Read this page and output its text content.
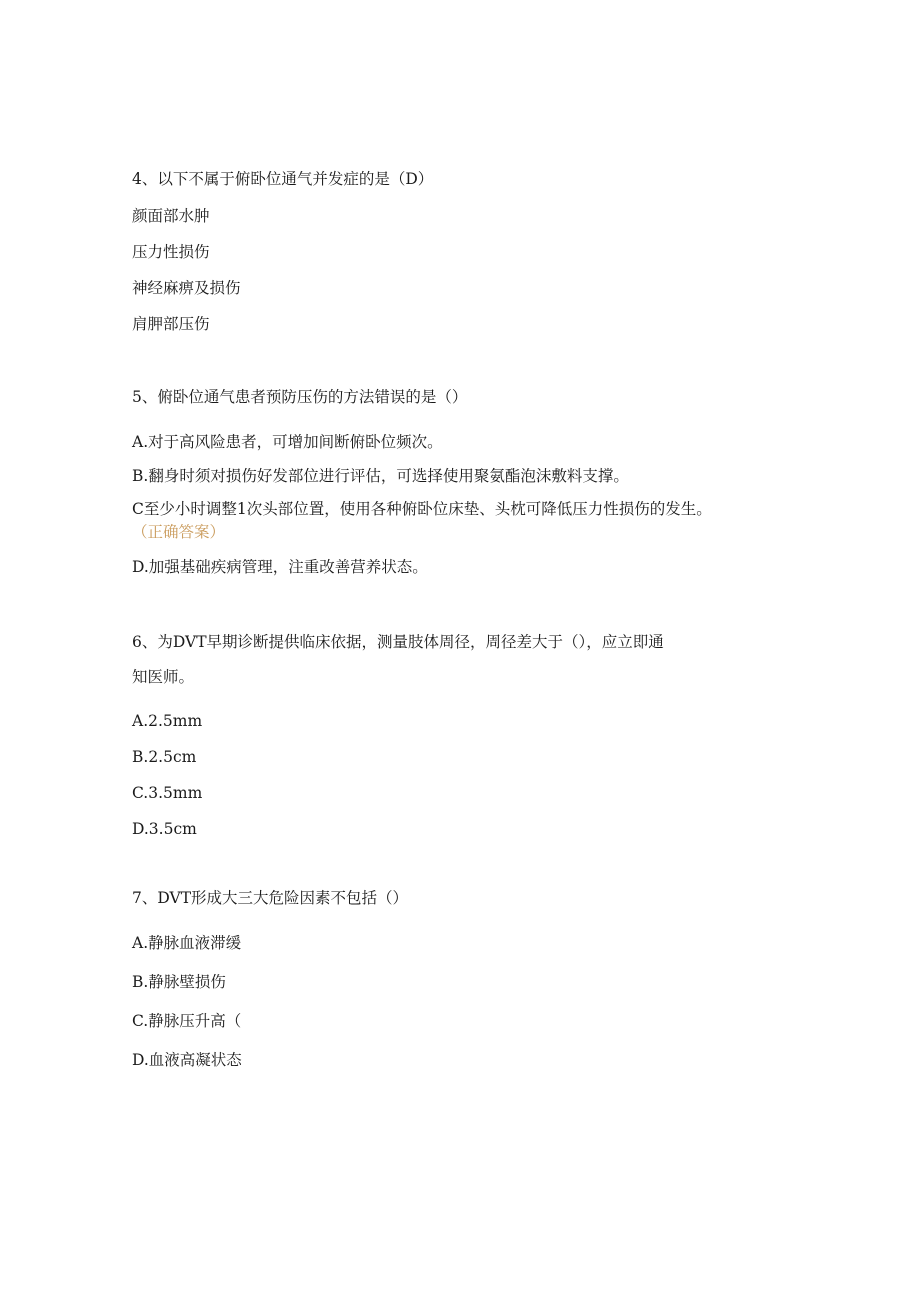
4、以下不属于俯卧位通气并发症的是（D）
颜面部水肿
压力性损伤
神经麻痹及损伤
肩胛部压伤
5、俯卧位通气患者预防压伤的方法错误的是（）
A.对于高风险患者，可增加间断俯卧位频次。
B.翻身时须对损伤好发部位进行评估，可选择使用聚氨酯泡沫敷料支撑。
C至少小时调整1次头部位置，使用各种俯卧位床垫、头枕可降低压力性损伤的发生。
（正确答案）
D.加强基础疾病管理，注重改善营养状态。
6、为DVT早期诊断提供临床依据，测量肢体周径，周径差大于（），应立即通
知医师。
A.2.5mm
B.2.5cm
C.3.5mm
D.3.5cm
7、DVT形成大三大危险因素不包括（）
A.静脉血液滞缓
B.静脉壁损伤
C.静脉压升高（
D.血液高凝状态
